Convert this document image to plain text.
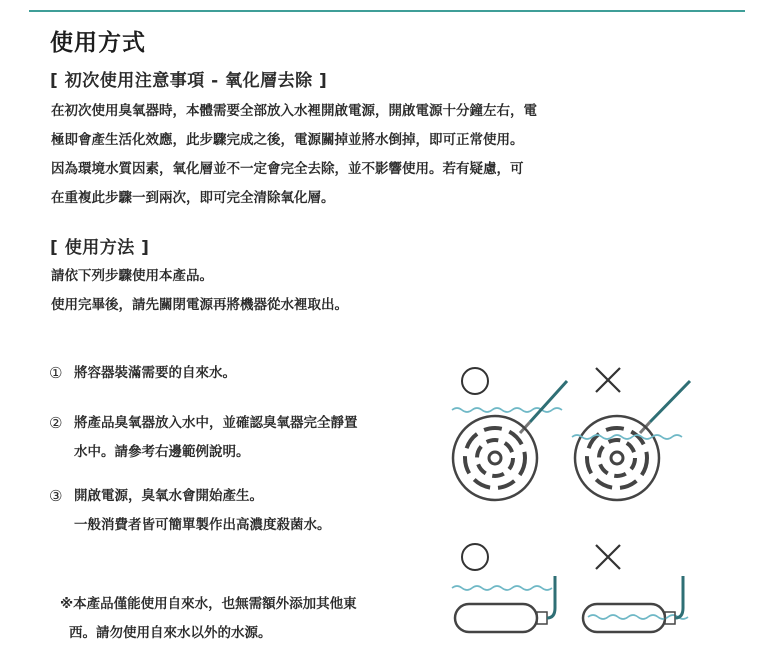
使用方式
[ 初次使用注意事項 - 氧化層去除 ]

在初次使用臭氧器時，本體需要全部放入水裡開啟電源，開啟電源十分鐘左右，電
極即會產生活化效應，此步驟完成之後，電源關掉並將水倒掉，即可正常使用。
因為環境水質因素，氧化層並不一定會完全去除，並不影響使用。若有疑慮，可
在重複此步驟一到兩次，即可完全清除氧化層。

[ 使用方法 ]

請依下列步驟使用本產品。
使用完畢後，請先關閉電源再將機器從水裡取出。

① 將容器裝滿需要的自來水。
② 將產品臭氧器放入水中，並確認臭氧器完全靜置
水中。請參考右邊範例說明。
③ 開啟電源，臭氧水會開始產生。
一般消費者皆可簡單製作出高濃度殺菌水。
※本產品僅能使用自來水，也無需額外添加其他東
西。請勿使用自來水以外的水源。
